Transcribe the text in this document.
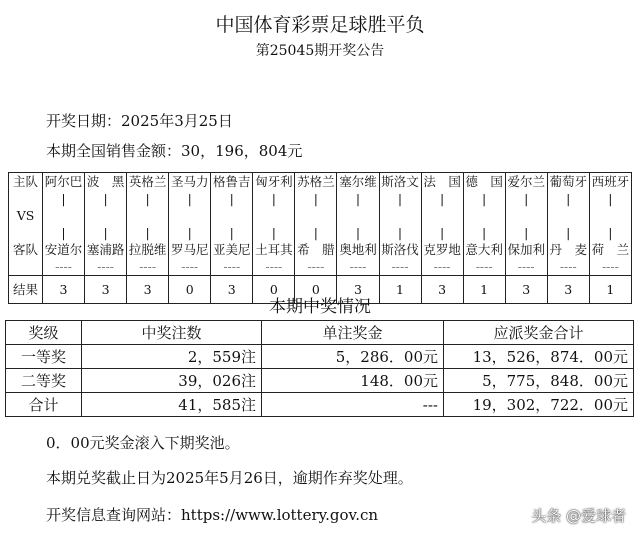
中国体育彩票足球胜平负
第25045期开奖公告
开奖日期：2025年3月25日
本期全国销售金额：30，196，804元
主队	阿尔巴	波　黑	英格兰	圣马力	格鲁吉	匈牙利	苏格兰	塞尔维	斯洛文	法　国	德　国	爱尔兰	葡萄牙	西班牙
	|	|	|	|	|	|	|	|	|	|	|	|	|	|
VS														
	|	|	|	|	|	|	|	|	|	|	|	|	|	|
客队	安道尔	塞浦路	拉脱维	罗马尼	亚美尼	土耳其	希　腊	奥地利	斯洛伐	克罗地	意大利	保加利	丹　麦	荷　兰
	----	----	----	----	----	----	----	----	----	----	----	----	----	----
结果	3	3	3	0	3	0	0	3	1	3	1	3	3	1
本期中奖情况
奖级	中奖注数	单注奖金	应派奖金合计
一等奖	2，559注	5，286．00元	13，526，874．00元
二等奖	39，026注	148．00元	5，775，848．00元
合计	41，585注	---	19，302，722．00元
0．00元奖金滚入下期奖池。
本期兑奖截止日为2025年5月26日，逾期作弃奖处理。
开奖信息查询网站：https://www.lottery.gov.cn	头条 @爱球者
